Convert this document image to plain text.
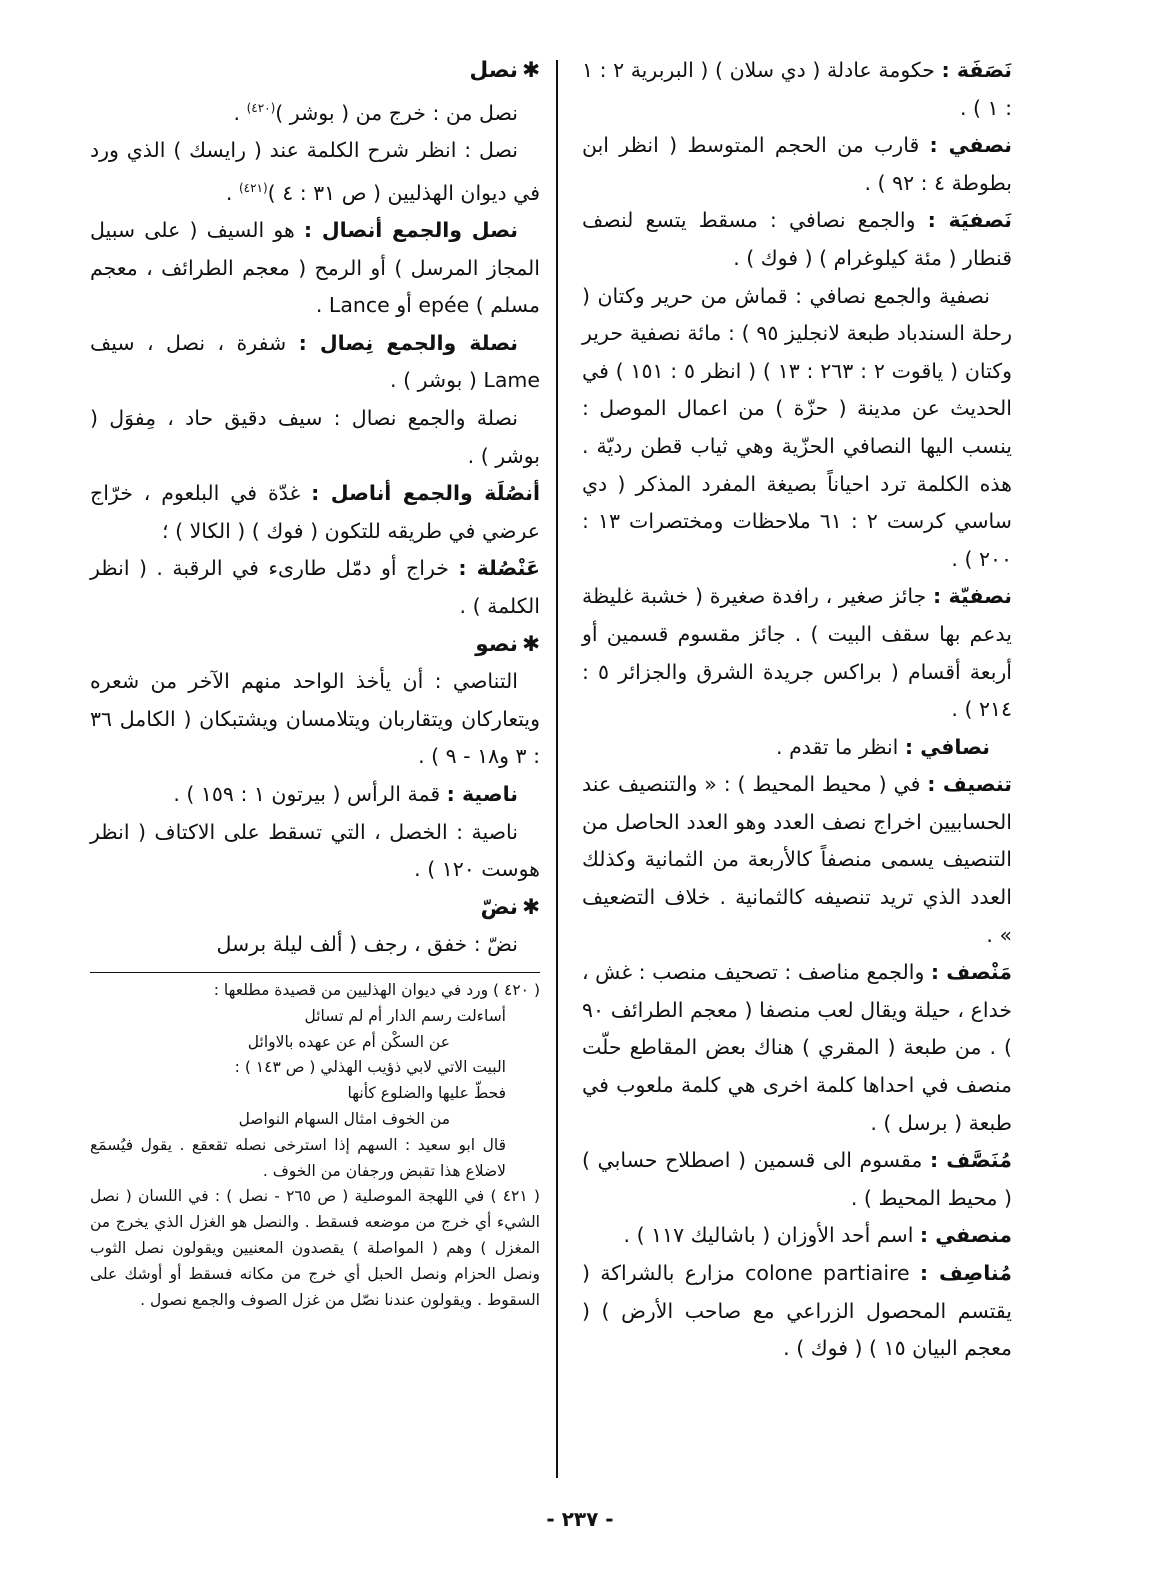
نَصَفَة : حكومة عادلة ( دي سلان ) ( البربرية ٢ : ١ : ١ ) .

نصفي : قارب من الحجم المتوسط ( انظر ابن بطوطة ٤ : ٩٢ ) .

نَصفيَة : والجمع نصافي : مسقط يتسع لنصف قنطار ( مئة كيلوغرام ) ( فوك ) .

نصفية والجمع نصافي : قماش من حرير وكتان ( رحلة السندباد طبعة لانجليز ٩٥ ) : مائة نصفية حرير وكتان ( ياقوت ٢ : ٢٦٣ : ١٣ ) ( انظر ٥ : ١٥١ ) في الحديث عن مدينة ( حزّة ) من اعمال الموصل : ينسب اليها النصافي الحزّية وهي ثياب قطن رديّة . هذه الكلمة ترد احياناً بصيغة المفرد المذكر ( دي ساسي كرست ٢ : ٦١ ملاحظات ومختصرات ١٣ : ٢٠٠ ) .

نصفيّة : جائز صغير ، رافدة صغيرة ( خشبة غليظة يدعم بها سقف البيت ) . جائز مقسوم قسمين أو أربعة أقسام ( براكس جريدة الشرق والجزائر ٥ : ٢١٤ ) .

نصافي : انظر ما تقدم .

تنصيف : في ( محيط المحيط ) : « والتنصيف عند الحسابيين اخراج نصف العدد وهو العدد الحاصل من التنصيف يسمى منصفاً كالأربعة من الثمانية وكذلك العدد الذي تريد تنصيفه كالثمانية . خلاف التضعيف » .

مَنْصف : والجمع مناصف : تصحيف منصب : غش ، خداع ، حيلة ويقال لعب منصفا ( معجم الطرائف ٩٠ ) . من طبعة ( المقري ) هناك بعض المقاطع حلّت منصف في احداها كلمة اخرى هي كلمة ملعوب في طبعة ( برسل ) .

مُنَصَّف : مقسوم الى قسمين ( اصطلاح حسابي ) ( محيط المحيط ) .

منصفي : اسم أحد الأوزان ( باشاليك ١١٧ ) .

مُناصِف : colone partiaire مزارع بالشراكة ( يقتسم المحصول الزراعي مع صاحب الأرض ) ( معجم البيان ١٥ ) ( فوك ) .

✱نصل

نصل من : خرج من ( بوشر )$^{(٤٢٠)}$ .

نصل : انظر شرح الكلمة عند ( رايسك ) الذي ورد في ديوان الهذليين ( ص ٣١ : ٤ )$^{(٤٢١)}$ .

نصل والجمع أنصال : هو السيف ( على سبيل المجاز المرسل ) أو الرمح ( معجم الطرائف ، معجم مسلم ) epée أو Lance .

نصلة والجمع نِصال : شفرة ، نصل ، سيف Lame ( بوشر ) .

نصلة والجمع نصال : سيف دقيق حاد ، مِفوَل ( بوشر ) .

أنصُلَة والجمع أناصل : غدّة في البلعوم ، خرّاج عرضي في طريقه للتكون ( فوك ) ( الكالا ) ؛

عَنْصُلة : خراج أو دمّل طارىء في الرقبة . ( انظر الكلمة ) .

✱نصو

التناصي : أن يأخذ الواحد منهم الآخر من شعره ويتعاركان ويتقاربان ويتلامسان ويشتبكان ( الكامل ٣٦ : ٣ و١٨ - ٩ ) .

ناصية : قمة الرأس ( بيرتون ١ : ١٥٩ ) .

ناصية : الخصل ، التي تسقط على الاكتاف ( انظر هوست ١٢٠ ) .

✱نضّ

نضّ : خفق ، رجف ( ألف ليلة برسل

( ٤٢٠ ) ورد في ديوان الهذليين من قصيدة مطلعها :

أساءلت رسم الدار أم لم تسائل

عن السكْن أم عن عهده بالاوائل

البيت الاتي لابي ذؤيب الهذلي ( ص ١٤٣ ) :

فحطّ عليها والضلوع كأنها

من الخوف امثال السهام النواصل

قال ابو سعيد : السهم إذا استرخى نصله تقعقع . يقول فيُسمَع لاضلاع هذا تقبض ورجفان من الخوف .

( ٤٢١ ) في اللهجة الموصلية ( ص ٢٦٥ - نصل ) : في اللسان ( نصل الشيء أي خرج من موضعه فسقط . والنصل هو الغزل الذي يخرج من المغزل ) وهم ( المواصلة ) يقصدون المعنيين ويقولون نصل الثوب ونصل الحزام ونصل الحبل أي خرج من مكانه فسقط أو أوشك على السقوط . ويقولون عندنا نصّل من غزل الصوف والجمع نصول .

- ٢٣٧ -
